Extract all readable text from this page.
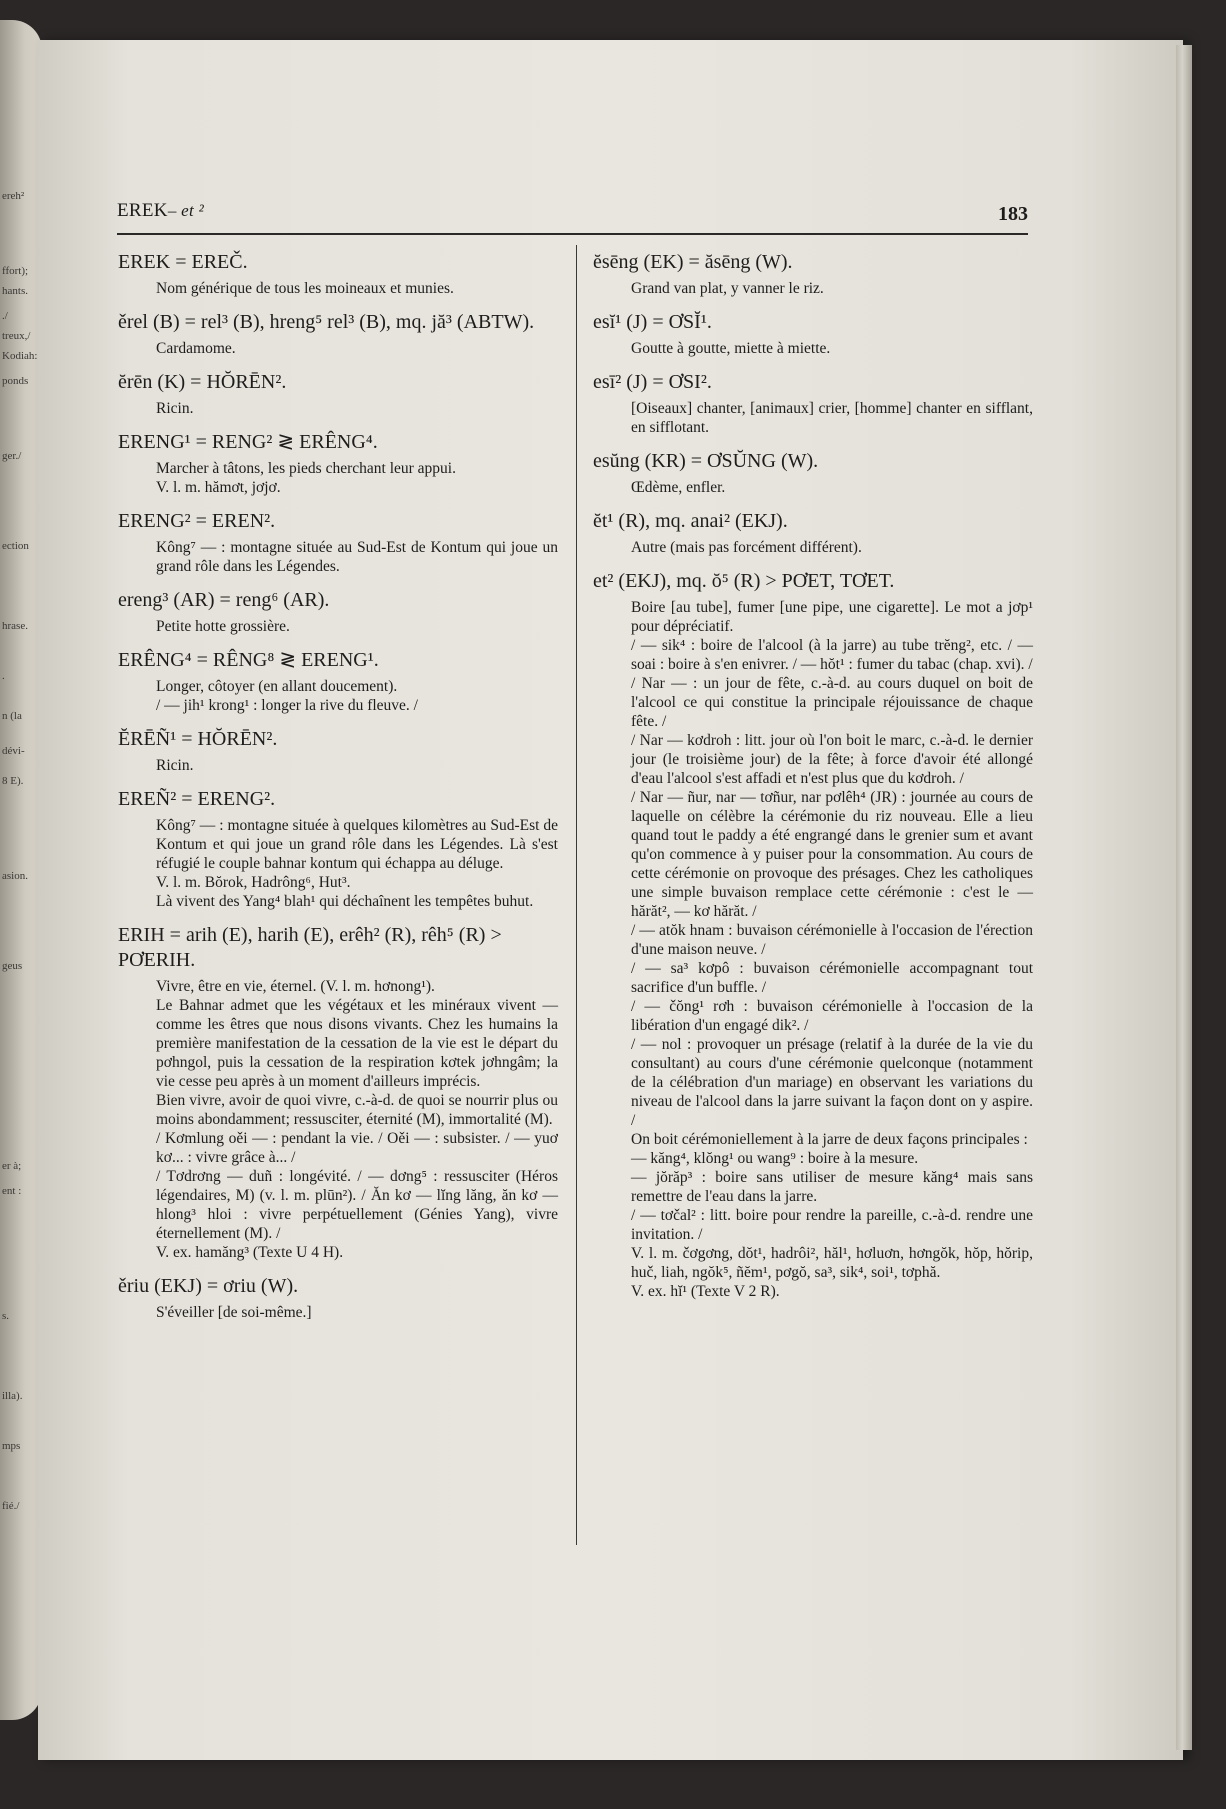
ereh²
ffort);
hants.
./
treux,/
Kodiah:
ponds
ger./
ection
hrase.
.
n (la
dévi-
8 E).
asion.
geus
er à;
ent :
s.
illa).
mps
fié./
EREK– et ²	183
EREK = EREČ.

Nom générique de tous les moineaux et munies.

ěrel (B) = rel³ (B), hreng⁵ rel³ (B), mq. jă³ (ABTW).

Cardamome.

ĕrēn (K) = HŎRĒN².

Ricin.

ERENG¹ = RENG² ≷ ERÊNG⁴.

Marcher à tâtons, les pieds cherchant leur appui.

V. l. m. hămơt, jơjơ.

ERENG² = EREN².

Kông⁷ — : montagne située au Sud-Est de Kontum qui joue un grand rôle dans les Légendes.

ereng³ (AR) = reng⁶ (AR).

Petite hotte grossière.

ERÊNG⁴ = RÊNG⁸ ≷ ERENG¹.

Longer, côtoyer (en allant doucement).

/ — jih¹ krong¹ : longer la rive du fleuve. /

ĔRĒÑ¹ = HŎRĒN².

Ricin.

EREÑ² = ERENG².

Kông⁷ — : montagne située à quelques kilomètres au Sud-Est de Kontum et qui joue un grand rôle dans les Légendes. Là s'est réfugié le couple bahnar kontum qui échappa au déluge.

V. l. m. Bŏrok, Hadrông⁶, Hut³.

Là vivent des Yang⁴ blah¹ qui déchaînent les tempêtes buhut.

ERIH = arih (E), harih (E), erêh² (R), rêh⁵ (R) > PƠERIH.

Vivre, être en vie, éternel. (V. l. m. hơnong¹).

Le Bahnar admet que les végétaux et les minéraux vivent — comme les êtres que nous disons vivants. Chez les humains la première manifestation de la cessation de la vie est le départ du pơhngol, puis la cessation de la respiration kơtek jơhngâm; la vie cesse peu après à un moment d'ailleurs imprécis.

Bien vivre, avoir de quoi vivre, c.-à-d. de quoi se nourrir plus ou moins abondamment; ressusciter, éternité (M), immortalité (M).

/ Kơmlung oěi — : pendant la vie. / Oěi — : subsister. / — yuơ kơ... : vivre grâce à... /

/ Tơdrơng — duñ : longévité. / — dơng⁵ : ressusciter (Héros légendaires, M) (v. l. m. plūn²). / Ăn kơ — lĭng lăng, ăn kơ — hlong³ hloi : vivre perpétuellement (Génies Yang), vivre éternellement (M). /

V. ex. hamăng³ (Texte U 4 H).

ěriu (EKJ) = ơriu (W).

S'éveiller [de soi-même.]

ĕsēng (EK) = ăsēng (W).

Grand van plat, y vanner le riz.

esĭ¹ (J) = ƠSĬ¹.

Goutte à goutte, miette à miette.

esī² (J) = ƠSI².

[Oiseaux] chanter, [animaux] crier, [homme] chanter en sifflant, en sifflotant.

esŭng (KR) = ƠSŬNG (W).

Œdème, enfler.

ĕt¹ (R), mq. anai² (EKJ).

Autre (mais pas forcément différent).

et² (EKJ), mq. ŏ⁵ (R) > PƠET, TƠET.

Boire [au tube], fumer [une pipe, une cigarette]. Le mot a jơp¹ pour dépréciatif.

/ — sik⁴ : boire de l'alcool (à la jarre) au tube trĕng², etc. / — soai : boire à s'en enivrer. / — hŏt¹ : fumer du tabac (chap. xvi). /

/ Nar — : un jour de fête, c.-à-d. au cours duquel on boit de l'alcool ce qui constitue la principale réjouissance de chaque fête. /

/ Nar — kơdroh : litt. jour où l'on boit le marc, c.-à-d. le dernier jour (le troisième jour) de la fête; à force d'avoir été allongé d'eau l'alcool s'est affadi et n'est plus que du kơdroh. /

/ Nar — ñur, nar — tơñur, nar pơlêh⁴ (JR) : journée au cours de laquelle on célèbre la cérémonie du riz nouveau. Elle a lieu quand tout le paddy a été engrangé dans le grenier sum et avant qu'on commence à y puiser pour la consommation. Au cours de cette cérémonie on provoque des présages. Chez les catholiques une simple buvaison remplace cette cérémonie : c'est le — hărăt², — kơ hărăt. /

/ — atŏk hnam : buvaison cérémonielle à l'occasion de l'érection d'une maison neuve. /

/ — sa³ kơpô : buvaison cérémonielle accompagnant tout sacrifice d'un buffle. /

/ — čŏng¹ rơh : buvaison cérémonielle à l'occasion de la libération d'un engagé dik². /

/ — nol : provoquer un présage (relatif à la durée de la vie du consultant) au cours d'une cérémonie quelconque (notamment de la célébration d'un mariage) en observant les variations du niveau de l'alcool dans la jarre suivant la façon dont on y aspire. /

On boit cérémoniellement à la jarre de deux façons principales :

— kăng⁴, klŏng¹ ou wang⁹ : boire à la mesure.

— jŏrăp³ : boire sans utiliser de mesure kăng⁴ mais sans remettre de l'eau dans la jarre.

/ — tơčal² : litt. boire pour rendre la pareille, c.-à-d. rendre une invitation. /

V. l. m. čơgơng, dŏt¹, hadrôi², hăl¹, hơluơn, hơngŏk, hŏp, hŏrip, huč, liah, ngŏk⁵, ñĕm¹, pơgŏ, sa³, sik⁴, soi¹, tơphă.

V. ex. hĭ¹ (Texte V 2 R).
